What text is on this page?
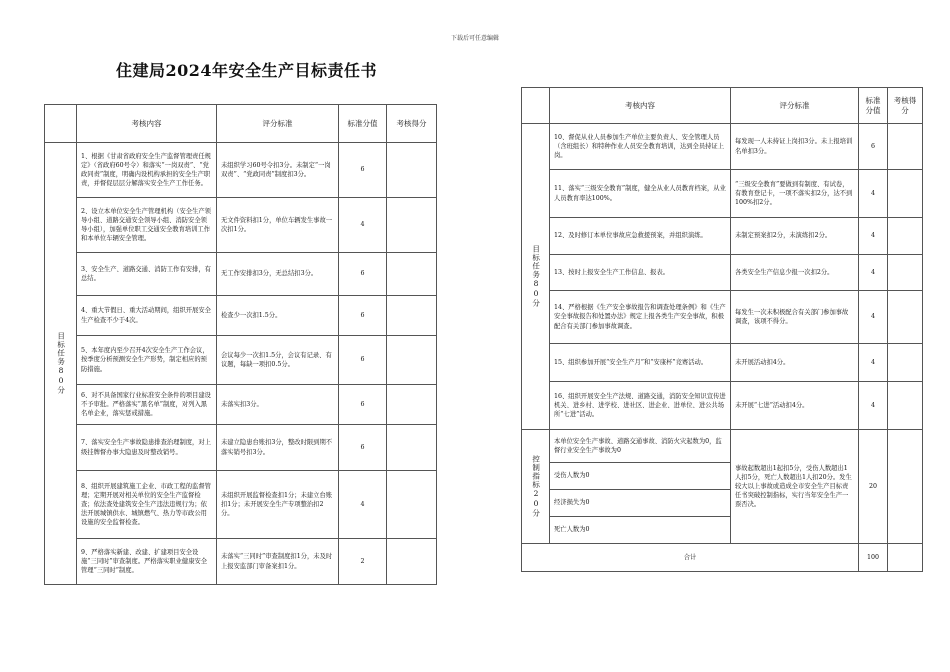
下载后可任意编辑
住建局2024年安全生产目标责任书
	考核内容	评分标准	标准分值	考核得分
目标任务80分	1、根据《甘肃省政府安全生产监督管理责任规定》（省政府60号令）和落实“一岗双责”、“党政同责”制度，明确内设机构承担的安全生产职责，并督促层层分解落实安全生产工作任务。	未组织学习60号令扣3分。未制定“一岗双责”、“党政同责”制度扣3分。	6	
	2、设立本单位安全生产管理机构（安全生产领导小组、道路交通安全领导小组、消防安全领导小组），加强单位职工交通安全教育培训工作和本单位车辆安全管理。	无文件资料扣1分，单位车辆发生事故一次扣1分。	4	
	3、安全生产、道路交通、消防工作有安排，有总结。	无工作安排扣3分，无总结扣3分。	6	
	4、重大节假日、重大活动期间，组织开展安全生产检查不少于4次。	检查少一次扣1.5分。	6	
	5、本年度内至少召开4次安全生产工作会议，按季度分析预测安全生产形势，制定相应的预防措施。	会议每少一次扣1.5分，会议有记录、有议题，每缺一项扣0.5分。	6	
	6、对不具备国家行业标准安全条件的项目建设不予审批。严格落实“黑名单”制度，对列入黑名单企业，落实惩戒措施。	未落实扣3分。	6	
	7、落实安全生产事故隐患排查治理制度，对上级挂牌督办事大隐患及时整改销号。	未建立隐患台账扣3分，整改时限到期不落实销号扣3分。	6	
	8、组织开展建筑施工企业、市政工程的监督管理；定期开展对相关单位的安全生产监督检查；依法查处建筑安全生产违法违规行为；依法开展城镇供水、城镇燃气、热力等市政公用设施的安全监督检查。	未组织开展监督检查扣1分；未建立台账扣1分；未开展安全生产专项整治扣2分。	4	
	9、严格落实新建、改建、扩建项目安全设施“三同时”审查制度。严格落实职业健康安全管理“三同时”制度。	未落实“三同时”审查制度扣1分，未及时上报安监部门审备案扣1分。	2	
	考核内容	评分标准	标准分值	考核得分
目标任务80分	10、督促从业人员参加生产单位主要负责人、安全管理人员（含班组长）和特种作业人员安全教育培训，达到全员持证上岗。	每发现一人未持证上岗扣3分。未上报培训名单扣3分。	6	
	11、落实“三级安全教育”制度，健全从业人员教育档案，从业人员教育率达100%。	“三级安全教育”要做到有制度、有试卷，有教育登记卡，一项不落实扣2分，达不到100%扣2分。	4	
	12、及时修订本单位事故应急救援预案，并组织演练。	未制定预案扣2分，未演练扣2分。	4	
	13、按时上报安全生产工作信息、报表。	各类安全生产信息少报一次扣2分。	4	
	14、严格根据《生产安全事故报告和调查处理条例》和《生产安全事故报告和处置办法》规定上报各类生产安全事故，积极配合有关部门参加事故调查。	每发生一次未积极配合有关部门参加事故调查，该项不得分。	4	
	15、组织参加开展“安全生产月”和“安康杯”竞赛活动。	未开展活动扣4分。	4	
	16、组织开展安全生产法规、道路交通，消防安全知识宣传进机关、进乡村、进学校、进社区、进企业、进单位、进公共场所“七进”活动。	未开展“七进”活动扣4分。	4	
控制指标20分	本单位安全生产事故、道路交通事故、消防火灾起数为0，监督行业安全生产事故为0	事故起数超出1起扣5分，受伤人数超出1人扣5分，死亡人数超出1人扣20分。发生较大以上事故或造成全市安全生产目标责任书突破控制指标，实行当年安全生产一票否决。	20	
	受伤人数为0			
	经济损失为0			
	死亡人数为0			
合计			100	
